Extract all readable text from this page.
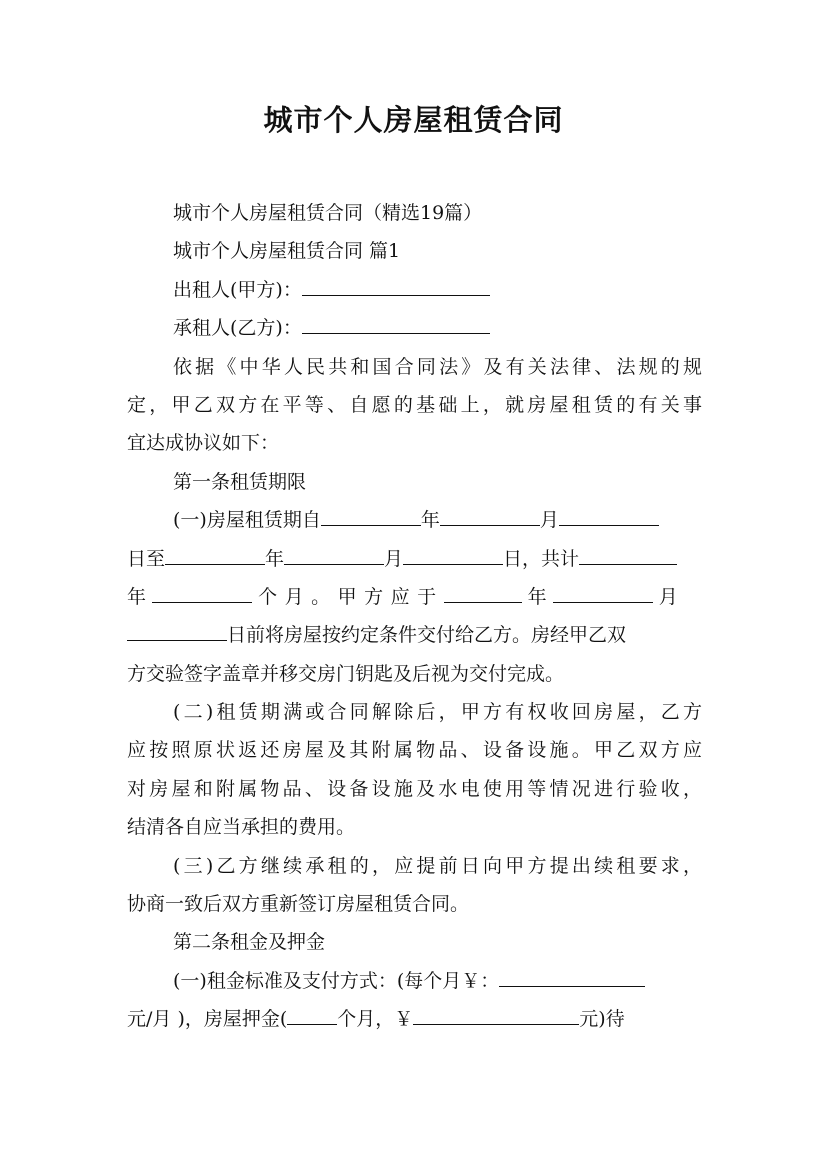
城市个人房屋租赁合同
城市个人房屋租赁合同（精选19篇）
城市个人房屋租赁合同 篇1
出租人(甲方)：
承租人(乙方)：
依据《中华人民共和国合同法》及有关法律、法规的规
定，甲乙双方在平等、自愿的基础上，就房屋租赁的有关事
宜达成协议如下：
第一条租赁期限
(一)房屋租赁期自	年	月
日至	年	月	日，共计
年	个月。甲方应于	年	月
日前将房屋按约定条件交付给乙方。房经甲乙双
方交验签字盖章并移交房门钥匙及后视为交付完成。
(二)租赁期满或合同解除后，甲方有权收回房屋，乙方
应按照原状返还房屋及其附属物品、设备设施。甲乙双方应
对房屋和附属物品、设备设施及水电使用等情况进行验收，
结清各自应当承担的费用。
(三)乙方继续承租的，应提前日向甲方提出续租要求，
协商一致后双方重新签订房屋租赁合同。
第二条租金及押金
(一)租金标准及支付方式：(每个月￥：
元/月 )，房屋押金(	个月，￥	元)待
